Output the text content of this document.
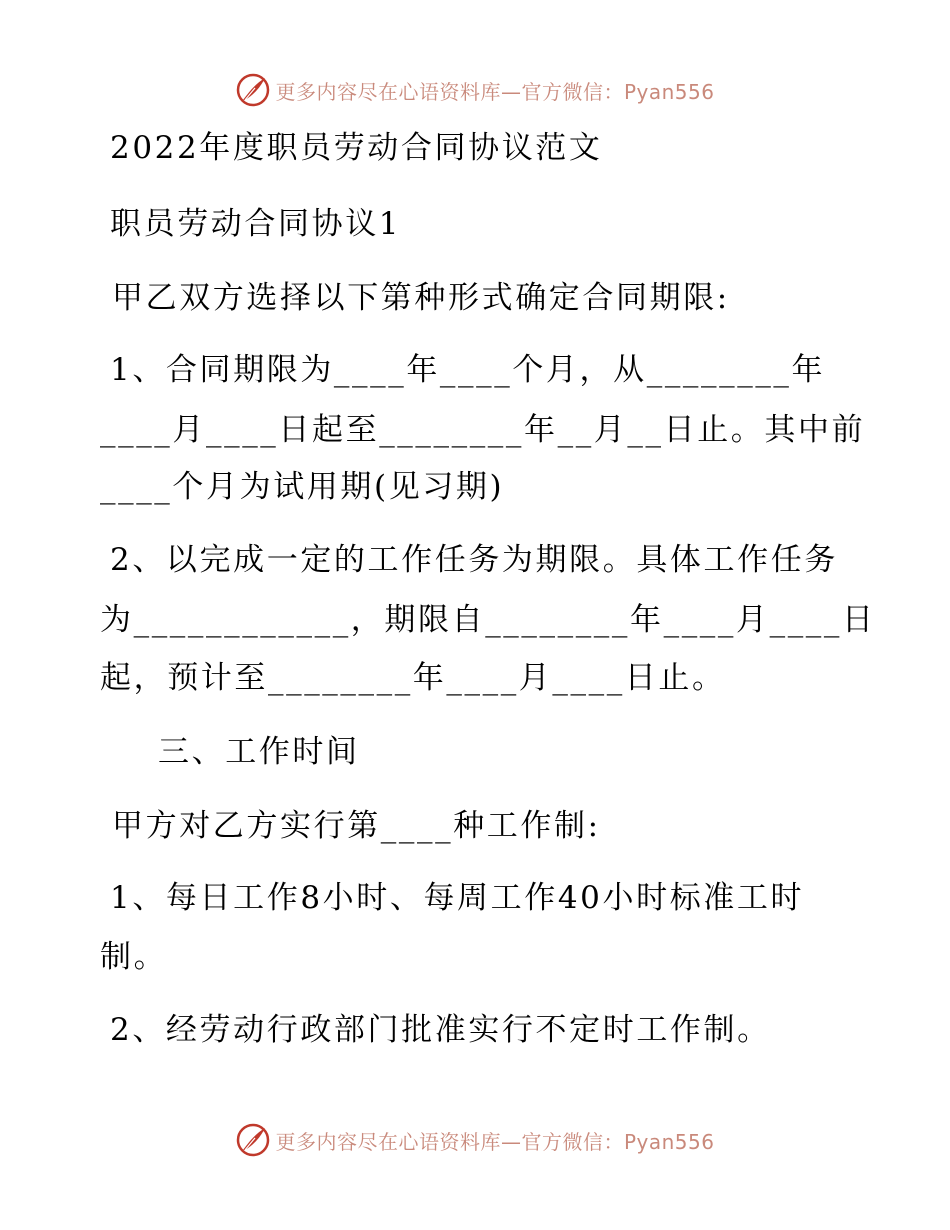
更多内容尽在心语资料库—官方微信：Pyan556
2022年度职员劳动合同协议范文
职员劳动合同协议1
甲乙双方选择以下第种形式确定合同期限:
1、合同期限为____年____个月，从________年
____月____日起至________年__月__日止。其中前
____个月为试用期(见习期)
2、以完成一定的工作任务为期限。具体工作任务
为____________，期限自________年____月____日
起，预计至________年____月____日止。
三、工作时间
甲方对乙方实行第____种工作制:
1、每日工作8小时、每周工作40小时标准工时
制。
2、经劳动行政部门批准实行不定时工作制。
更多内容尽在心语资料库—官方微信：Pyan556
